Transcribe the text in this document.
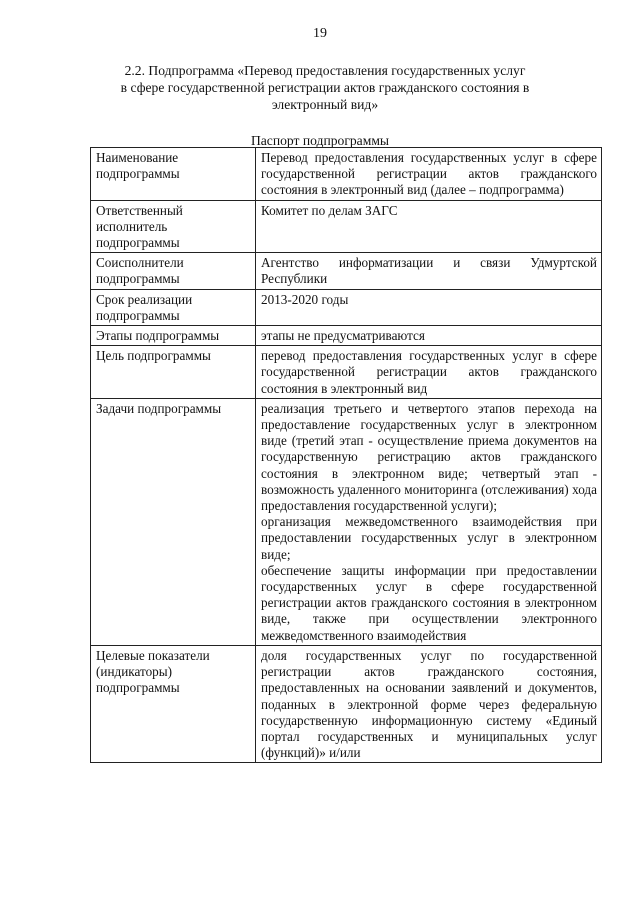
19
2.2. Подпрограмма «Перевод предоставления государственных услуг
в сфере государственной регистрации актов гражданского состояния в
электронный вид»
Паспорт подпрограммы
Наименование подпрограммы	Перевод предоставления государственных услуг в сфере государственной регистрации актов гражданского состояния в электронный вид (далее – подпрограмма)
Ответственный исполнитель подпрограммы	Комитет по делам ЗАГС
Соисполнители подпрограммы	Агентство информатизации и связи Удмуртской Республики
Срок реализации подпрограммы	2013-2020 годы
Этапы подпрограммы	этапы не предусматриваются
Цель подпрограммы	перевод предоставления государственных услуг в сфере государственной регистрации актов гражданского состояния в электронный вид
Задачи подпрограммы	реализация третьего и четвертого этапов перехода на предоставление государственных услуг в электронном виде (третий этап - осуществление приема документов на государственную регистрацию актов гражданского состояния в электронном виде; четвертый этап - возможность удаленного мониторинга (отслеживания) хода предоставления государственной услуги);
организация межведомственного взаимодействия при предоставлении государственных услуг в электронном виде;
обеспечение защиты информации при предоставлении государственных услуг в сфере государственной регистрации актов гражданского состояния в электронном виде, также при осуществлении электронного межведомственного взаимодействия

Целевые показатели (индикаторы) подпрограммы	доля государственных услуг по государственной регистрации актов гражданского состояния, предоставленных на основании заявлений и документов, поданных в электронной форме через федеральную государственную информационную систему «Единый портал государственных и муниципальных услуг (функций)» и/или
